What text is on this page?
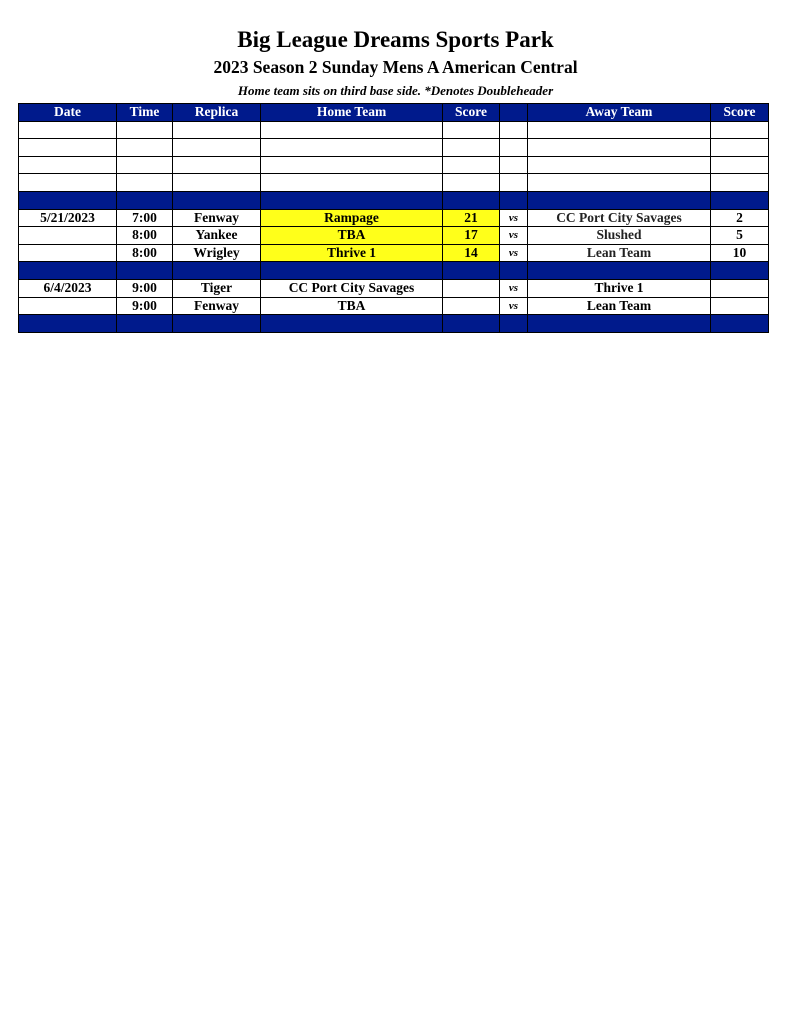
Big League Dreams Sports Park
2023 Season 2 Sunday Mens A American Central
Home team sits on third base side. *Denotes Doubleheader
Date	Time	Replica	Home Team	Score		Away Team	Score

5/21/2023	7:00	Fenway	Rampage	21	vs	CC Port City Savages	2
	8:00	Yankee	TBA	17	vs	Slushed	5
	8:00	Wrigley	Thrive 1	14	vs	Lean Team	10

6/4/2023	9:00	Tiger	CC Port City Savages		vs	Thrive 1	
	9:00	Fenway	TBA		vs	Lean Team	
